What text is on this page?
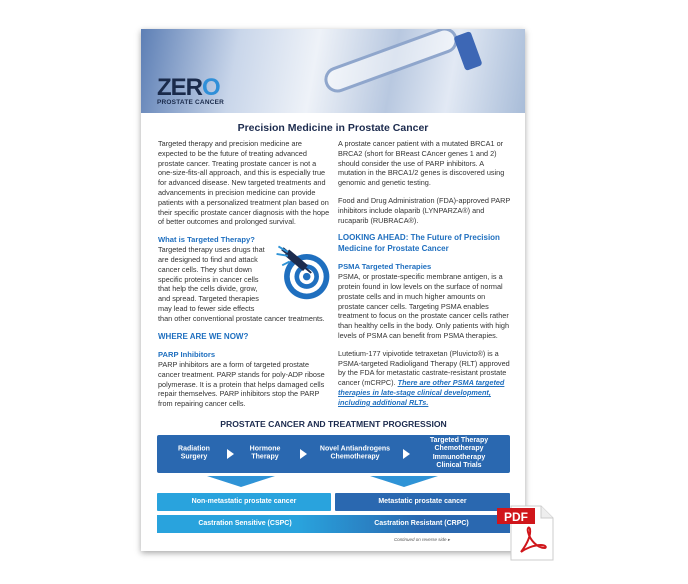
ZERO
PROSTATE CANCER
Precision Medicine in Prostate Cancer
Targeted therapy and precision medicine are expected to be the future of treating advanced prostate cancer. Treating prostate cancer is not a one-size-fits-all approach, and this is especially true for advanced disease. New targeted treatments and advancements in precision medicine can provide patients with a personalized treatment plan based on their specific prostate cancer diagnosis with the hope of better outcomes and prolonged survival.
What is Targeted Therapy?
Targeted therapy uses drugs that are designed to find and attack cancer cells. They shut down specific proteins in cancer cells that help the cells divide, grow, and spread. Targeted therapies may lead to fewer side effects than other conventional prostate cancer treatments.
WHERE ARE WE NOW?
PARP Inhibitors
PARP inhibitors are a form of targeted prostate cancer treatment. PARP stands for poly-ADP ribose polymerase. It is a protein that helps damaged cells repair themselves. PARP inhibitors stop the PARP from repairing cancer cells.
A prostate cancer patient with a mutated BRCA1 or BRCA2 (short for BReast CAncer genes 1 and 2) should consider the use of PARP inhibitors. A mutation in the BRCA1/2 genes is discovered using genomic and genetic testing.
Food and Drug Administration (FDA)-approved PARP inhibitors include olaparib (LYNPARZA®) and rucaparib (RUBRACA®).
LOOKING AHEAD: The Future of Precision Medicine for Prostate Cancer
PSMA Targeted Therapies
PSMA, or prostate-specific membrane antigen, is a protein found in low levels on the surface of normal prostate cells and in much higher amounts on prostate cancer cells. Targeting PSMA enables treatment to focus on the prostate cancer cells rather than healthy cells in the body. Only patients with high levels of PSMA can benefit from PSMA therapies.
Lutetium-177 vipivotide tetraxetan (Pluvicto®) is a PSMA-targeted Radioligand Therapy (RLT) approved by the FDA for metastatic castrate-resistant prostate cancer (mCRPC). There are other PSMA targeted therapies in late-stage clinical development, including additional RLTs.
PROSTATE CANCER AND TREATMENT PROGRESSION
Radiation
Surgery
Hormone
Therapy
Novel Antiandrogens
Chemotherapy
Targeted Therapy
Chemotherapy
Immunotherapy
Clinical Trials
Non-metastatic prostate cancer	Metastatic prostate cancer
Castration Sensitive (CSPC)	Castration Resistant (CRPC)
Continued on reverse side ▸
PDF
